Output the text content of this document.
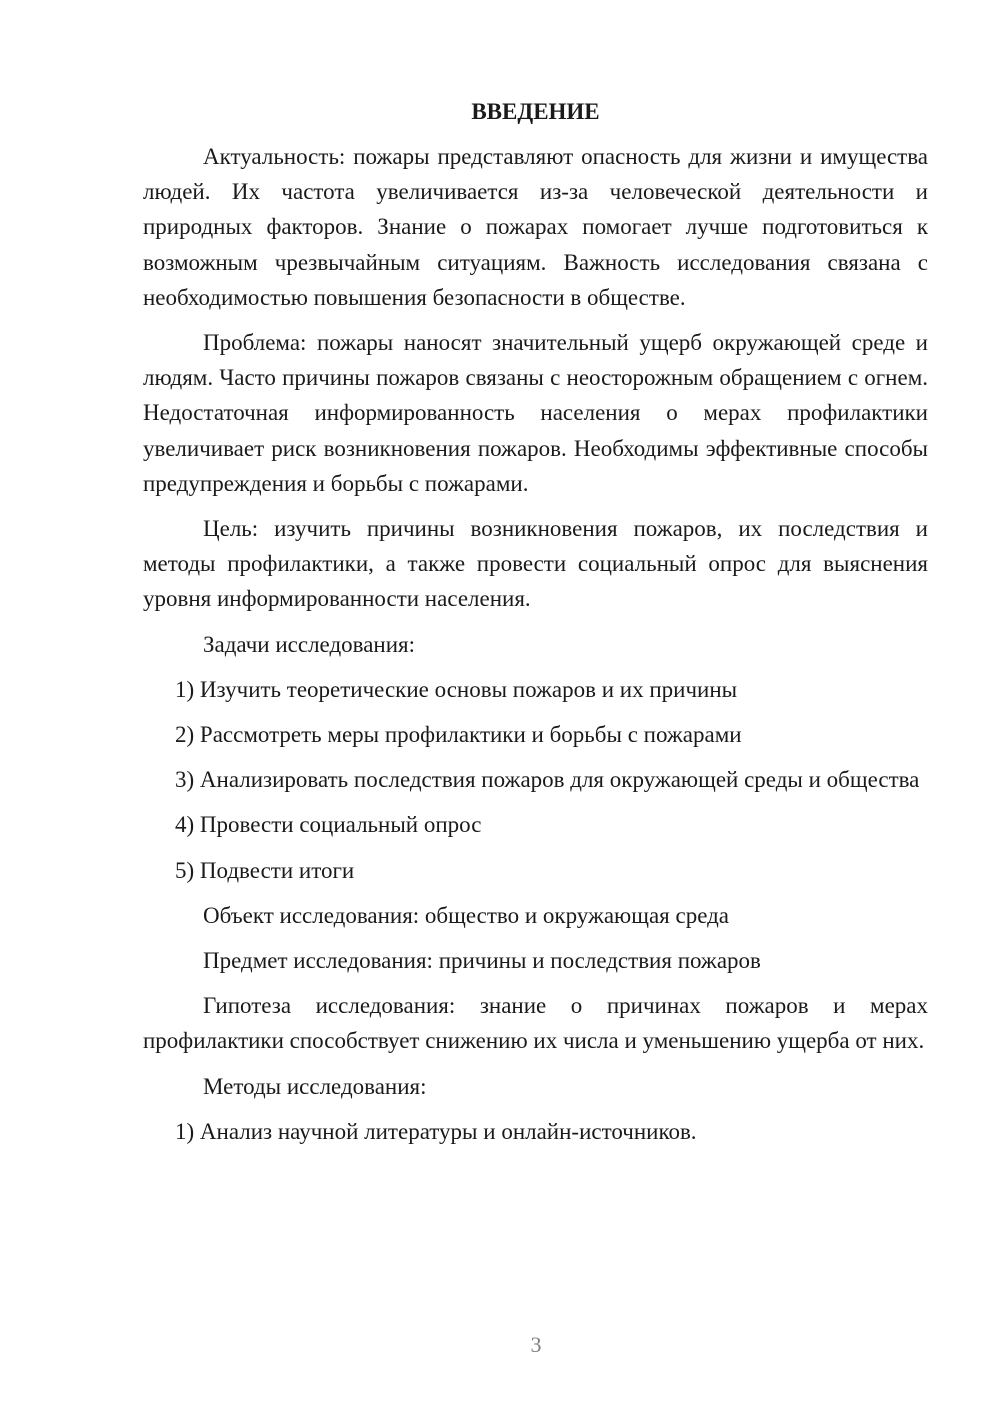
ВВЕДЕНИЕ

Актуальность: пожары представляют опасность для жизни и имущества людей. Их частота увеличивается из-за человеческой деятельности и природных факторов. Знание о пожарах помогает лучше подготовиться к возможным чрезвычайным ситуациям. Важность исследования связана с необходимостью повышения безопасности в обществе.

Проблема: пожары наносят значительный ущерб окружающей среде и людям. Часто причины пожаров связаны с неосторожным обращением с огнем. Недостаточная информированность населения о мерах профилактики увеличивает риск возникновения пожаров. Необходимы эффективные способы предупреждения и борьбы с пожарами.

Цель: изучить причины возникновения пожаров, их последствия и методы профилактики, а также провести социальный опрос для выяснения уровня информированности населения.

Задачи исследования:

1) Изучить теоретические основы пожаров и их причины

2) Рассмотреть меры профилактики и борьбы с пожарами

3) Анализировать последствия пожаров для окружающей среды и общества

4) Провести социальный опрос

5) Подвести итоги

Объект исследования: общество и окружающая среда

Предмет исследования: причины и последствия пожаров

Гипотеза исследования: знание о причинах пожаров и мерах профилактики способствует снижению их числа и уменьшению ущерба от них.

Методы исследования:

1) Анализ научной литературы и онлайн-источников.

3
